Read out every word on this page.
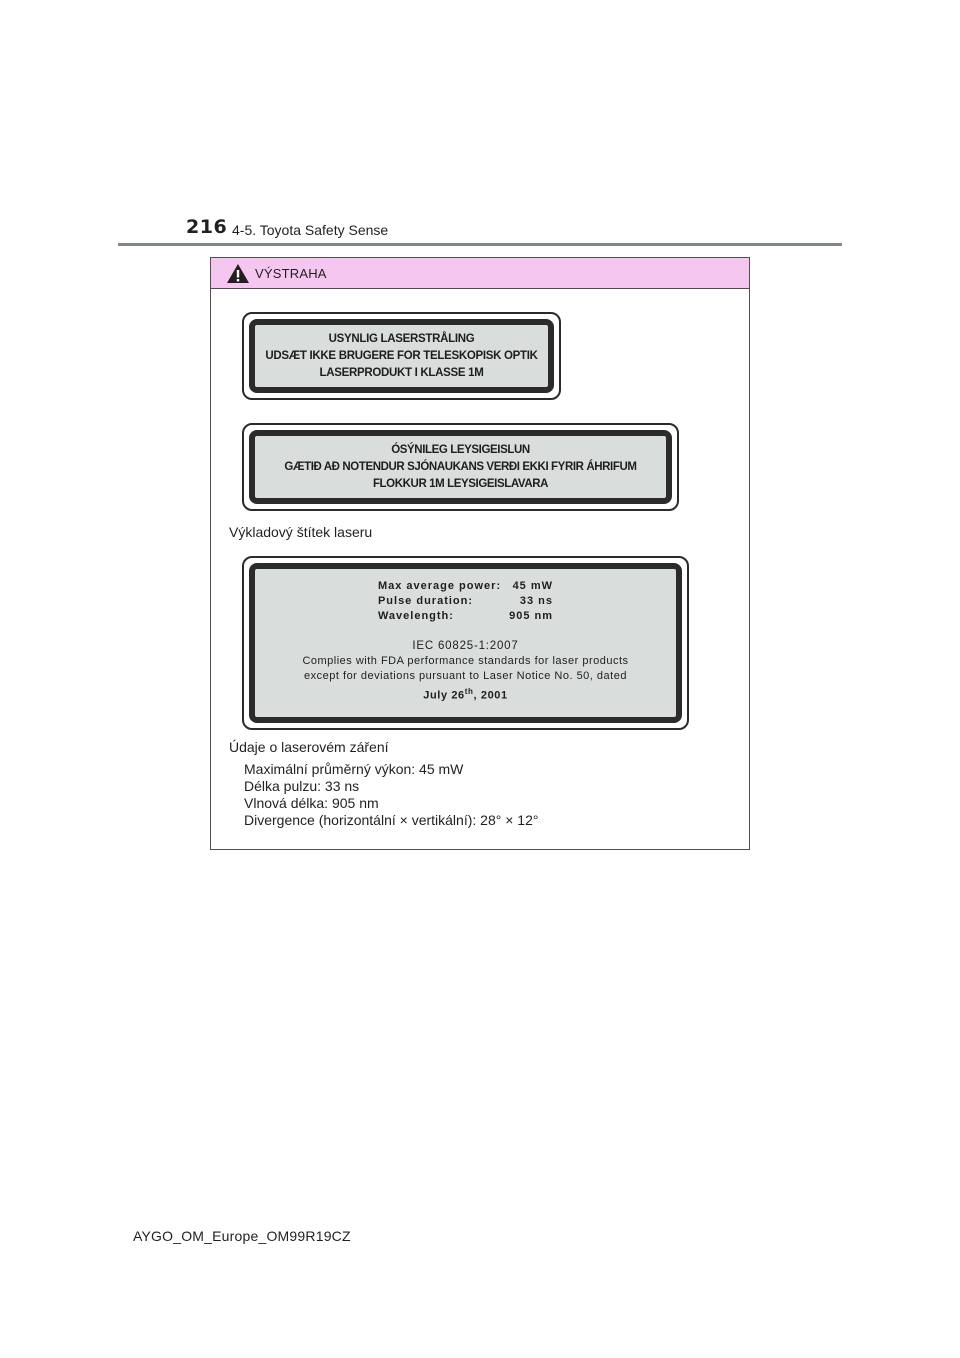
216 4-5. Toyota Safety Sense
VÝSTRAHA
USYNLIG LASERSTRÅLING
UDSÆT IKKE BRUGERE FOR TELESKOPISK OPTIK
LASERPRODUKT I KLASSE 1M
ÓSÝNILEG LEYSIGEISLUN
GÆTIÐ AÐ NOTENDUR SJÓNAUKANS VERÐI EKKI FYRIR ÁHRIFUM
FLOKKUR 1M LEYSIGEISLAVARA
Výkladový štítek laseru
Max average power:	45 mW
Pulse duration:	33 ns
Wavelength:	905 nm
IEC 60825-1:2007
Complies with FDA performance standards for laser products
except for deviations pursuant to Laser Notice No. 50, dated
July 26th, 2001
Údaje o laserovém záření
Maximální průměrný výkon: 45 mW
Délka pulzu: 33 ns
Vlnová délka: 905 nm
Divergence (horizontální × vertikální): 28° × 12°
AYGO_OM_Europe_OM99R19CZ
